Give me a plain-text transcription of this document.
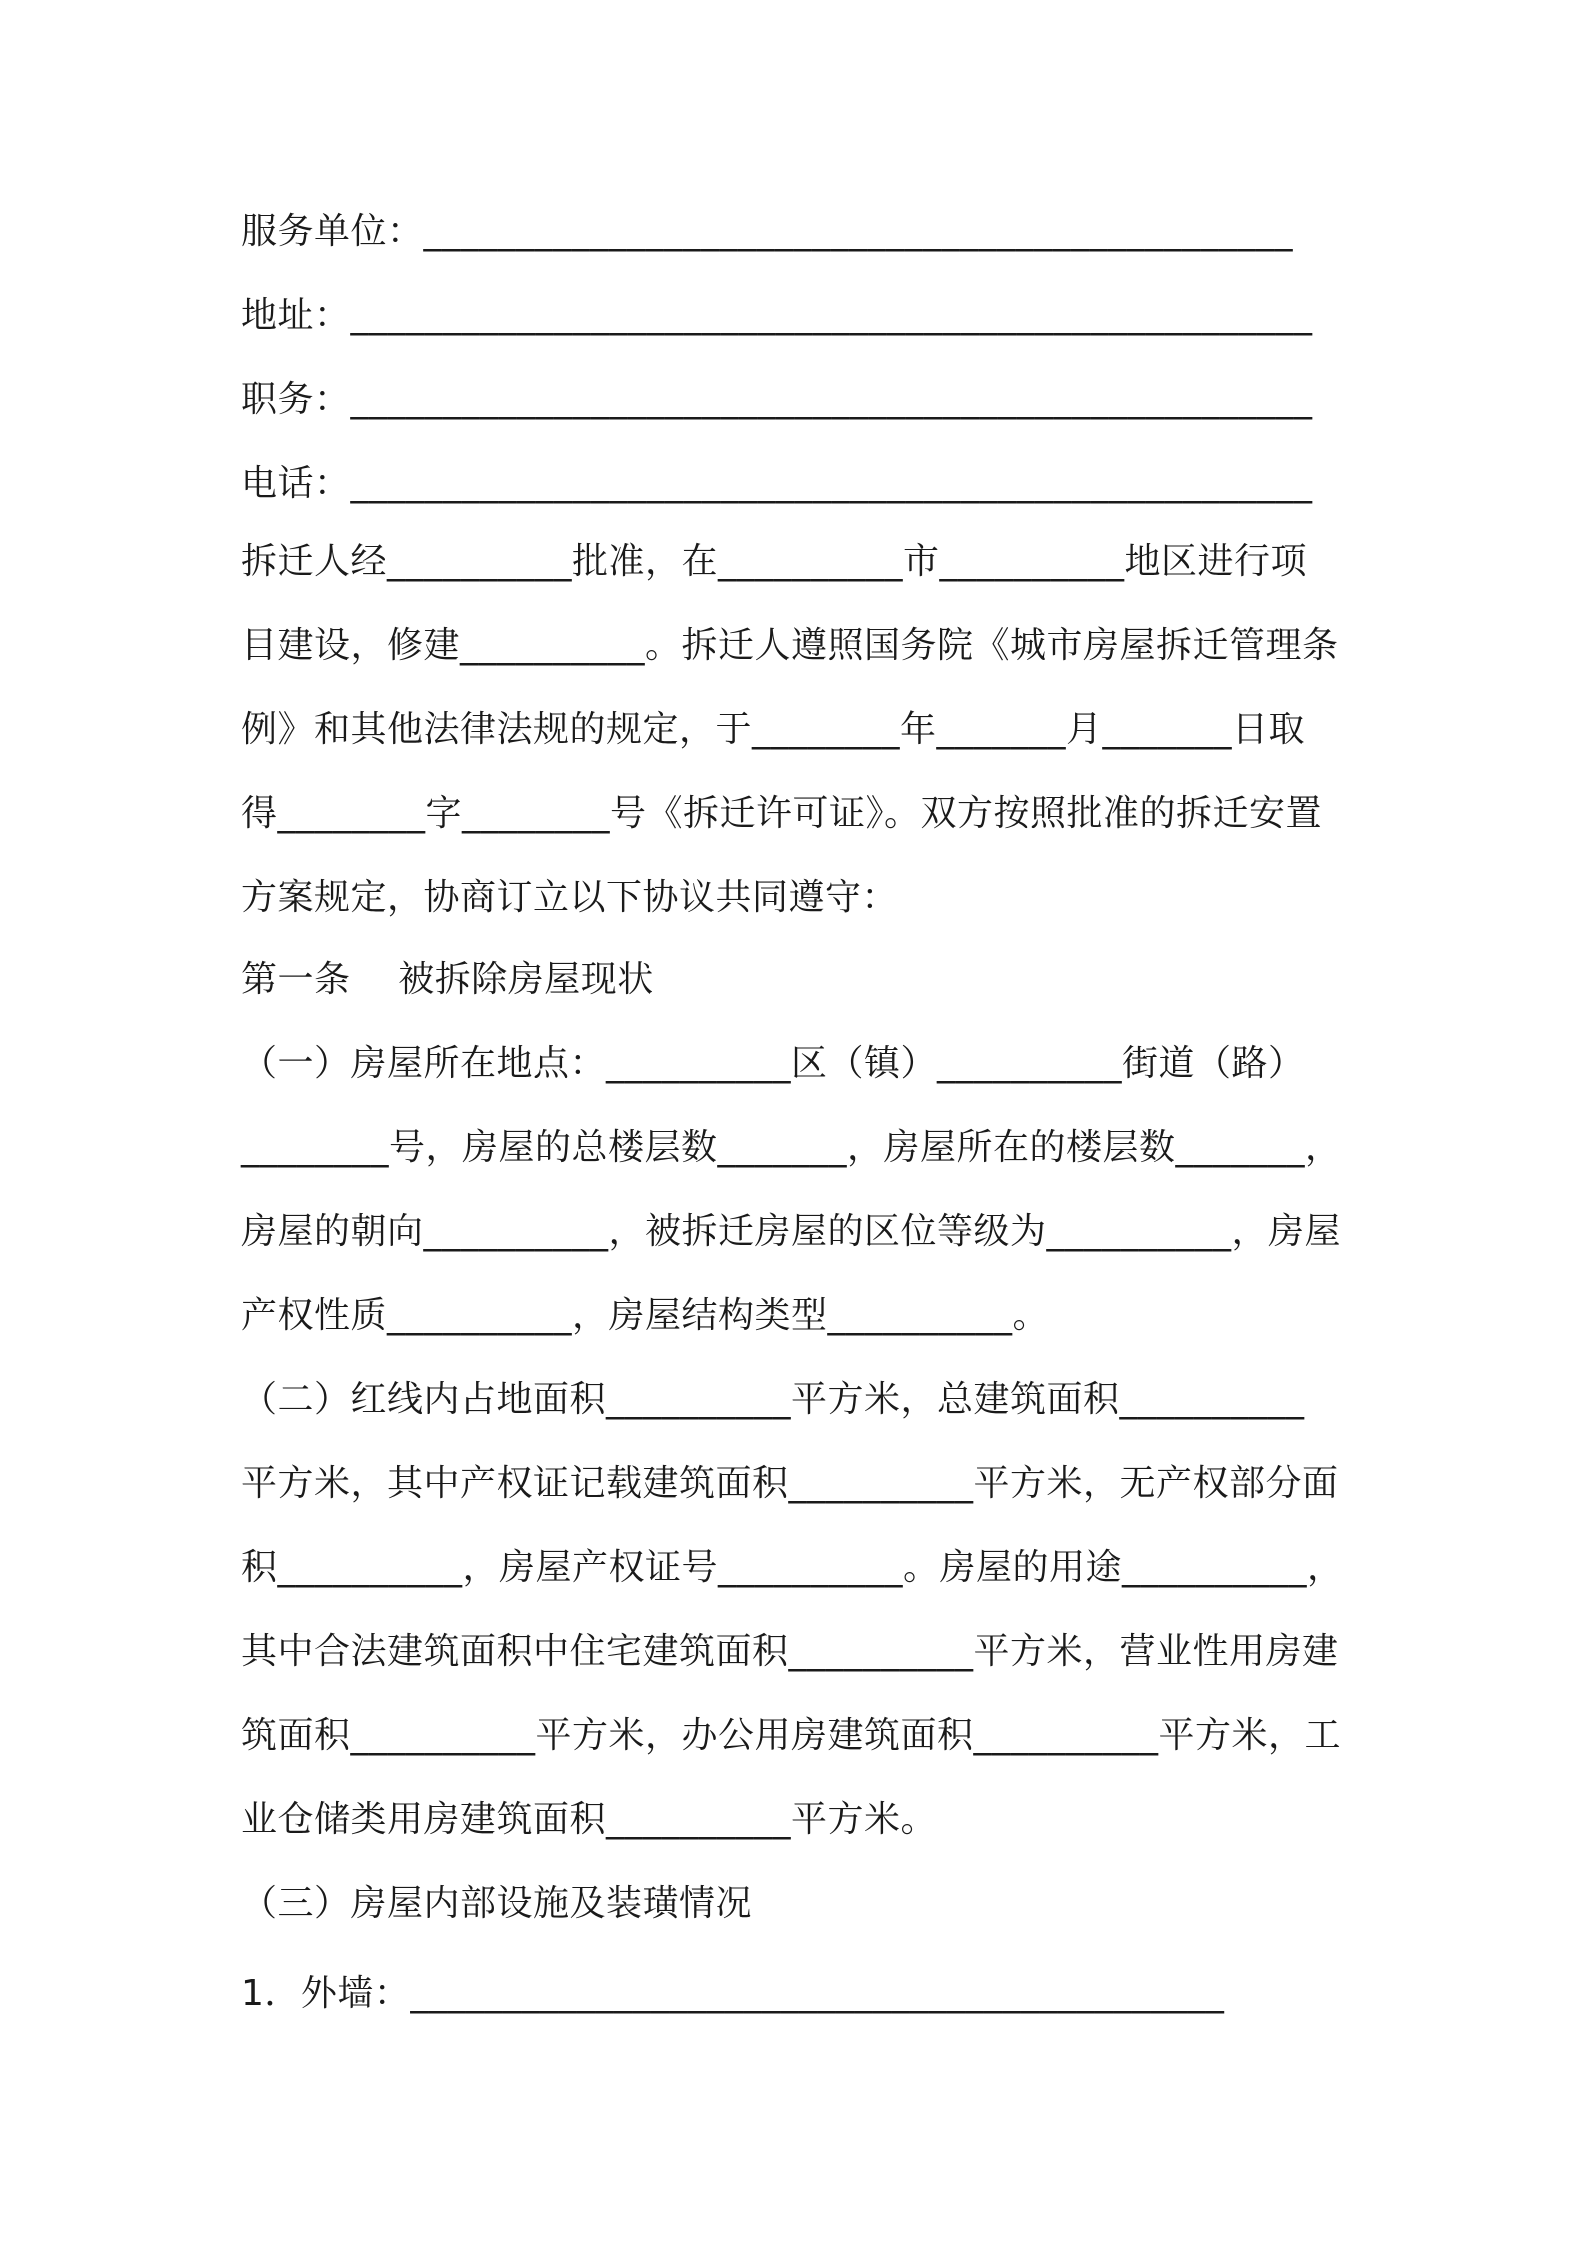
服务单位：_______________________________________________
地址：____________________________________________________
职务：____________________________________________________
电话：____________________________________________________
拆迁人经__________批准，在__________市__________地区进行项
目建设，修建__________。拆迁人遵照国务院《城市房屋拆迁管理条
例》和其他法律法规的规定，于________年_______月_______日取
得________字________号《拆迁许可证》。双方按照批准的拆迁安置
方案规定，协商订立以下协议共同遵守：
第一条    被拆除房屋现状
（一）房屋所在地点：__________区（镇）__________街道（路）
________号，房屋的总楼层数_______，房屋所在的楼层数_______，
房屋的朝向__________，被拆迁房屋的区位等级为__________，房屋
产权性质__________，房屋结构类型__________。
（二）红线内占地面积__________平方米，总建筑面积__________
平方米，其中产权证记载建筑面积__________平方米，无产权部分面
积__________，房屋产权证号__________。房屋的用途__________，
其中合法建筑面积中住宅建筑面积__________平方米，营业性用房建
筑面积__________平方米，办公用房建筑面积__________平方米，工
业仓储类用房建筑面积__________平方米。
（三）房屋内部设施及装璜情况
1．外墙：____________________________________________
